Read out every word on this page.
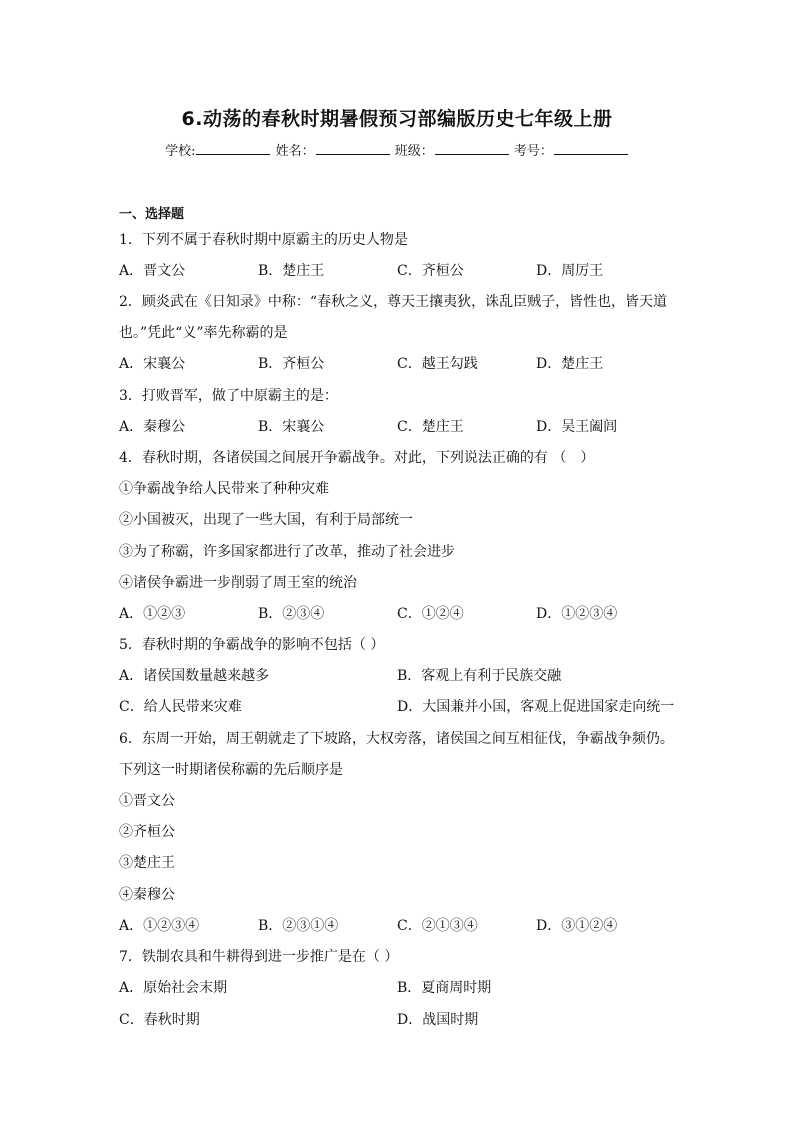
6.动荡的春秋时期暑假预习部编版历史七年级上册
学校:	姓名：	班级：	考号：
一、选择题
1．下列不属于春秋时期中原霸主的历史人物是
A．晋文公	B．楚庄王	C．齐桓公	D．周厉王
2．顾炎武在《日知录》中称：“春秋之义，尊天王攘夷狄，诛乱臣贼子，皆性也，皆天道
也。”凭此“义”率先称霸的是
A．宋襄公	B．齐桓公	C．越王勾践	D．楚庄王
3．打败晋军，做了中原霸主的是：
A．秦穆公	B．宋襄公	C．楚庄王	D．吴王阖闾
4．春秋时期，各诸侯国之间展开争霸战争。对此，下列说法正确的有 （　）
①争霸战争给人民带来了种种灾难
②小国被灭，出现了一些大国，有利于局部统一
③为了称霸，许多国家都进行了改革，推动了社会进步
④诸侯争霸进一步削弱了周王室的统治
A．①②③	B．②③④	C．①②④	D．①②③④
5．春秋时期的争霸战争的影响不包括（ ）
A．诸侯国数量越来越多	B．客观上有利于民族交融
C．给人民带来灾难	D．大国兼并小国，客观上促进国家走向统一
6．东周一开始，周王朝就走了下坡路，大权旁落，诸侯国之间互相征伐，争霸战争频仍。
下列这一时期诸侯称霸的先后顺序是
①晋文公
②齐桓公
③楚庄王
④秦穆公
A．①②③④	B．②③①④	C．②①③④	D．③①②④
7．铁制农具和牛耕得到进一步推广是在（ ）
A．原始社会末期	B．夏商周时期
C．春秋时期	D．战国时期
